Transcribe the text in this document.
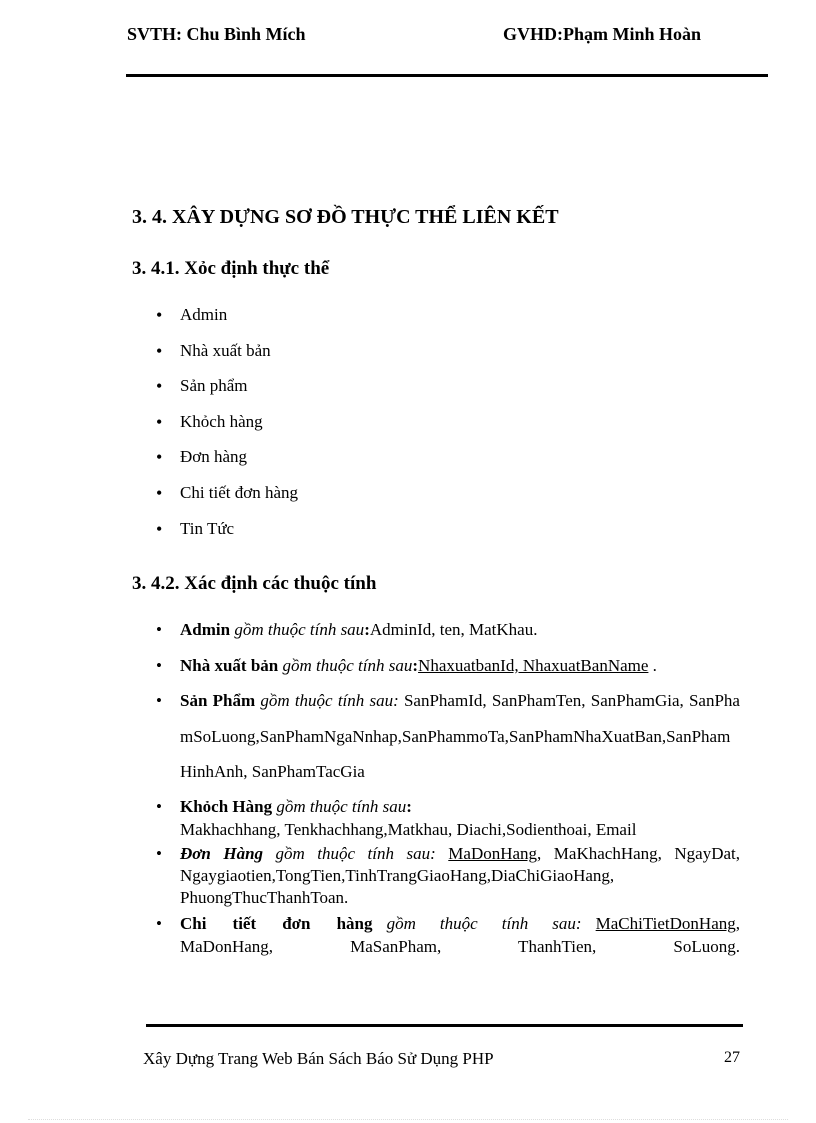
SVTH: Chu Bình Mích	GVHD:Phạm Minh Hoàn
3. 4. XÂY DỰNG SƠ ĐỒ THỰC THỂ LIÊN KẾT
3. 4.1. Xỏc định thực thể
• Admin
• Nhà xuất bản
• Sản phẩm
• Khỏch hàng
• Đơn hàng
• Chi tiết đơn hàng
• Tin Tức
3. 4.2. Xác định các thuộc tính
• Admin gồm thuộc tính sau:AdminId, ten, MatKhau.
• Nhà xuất bản gồm thuộc tính sau:NhaxuatbanId, NhaxuatBanName .
• Sản Phẩm gồm thuộc tính sau: SanPhamId, SanPhamTen, SanPhamGia, SanPhamSoLuong,SanPhamNgaNnhap,SanPhammoTa,SanPhamNhaXuatBan,SanPhamHinhAnh, SanPhamTacGia
• Khỏch Hàng gồm thuộc tính sau:
Makhachhang, Tenkhachhang,Matkhau, Diachi,Sodienthoai, Email
• Đơn Hàng gồm thuộc tính sau: MaDonHang, MaKhachHang, NgayDat, Ngaygiaotien,TongTien,TinhTrangGiaoHang,DiaChiGiaoHang, PhuongThucThanhToan.
• Chi tiết đơn hàng gồm thuộc tính sau: MaChiTietDonHang, MaDonHang, MaSanPham, ThanhTien, SoLuong.
Xây Dựng Trang Web Bán Sách Báo Sử Dụng PHP	27
